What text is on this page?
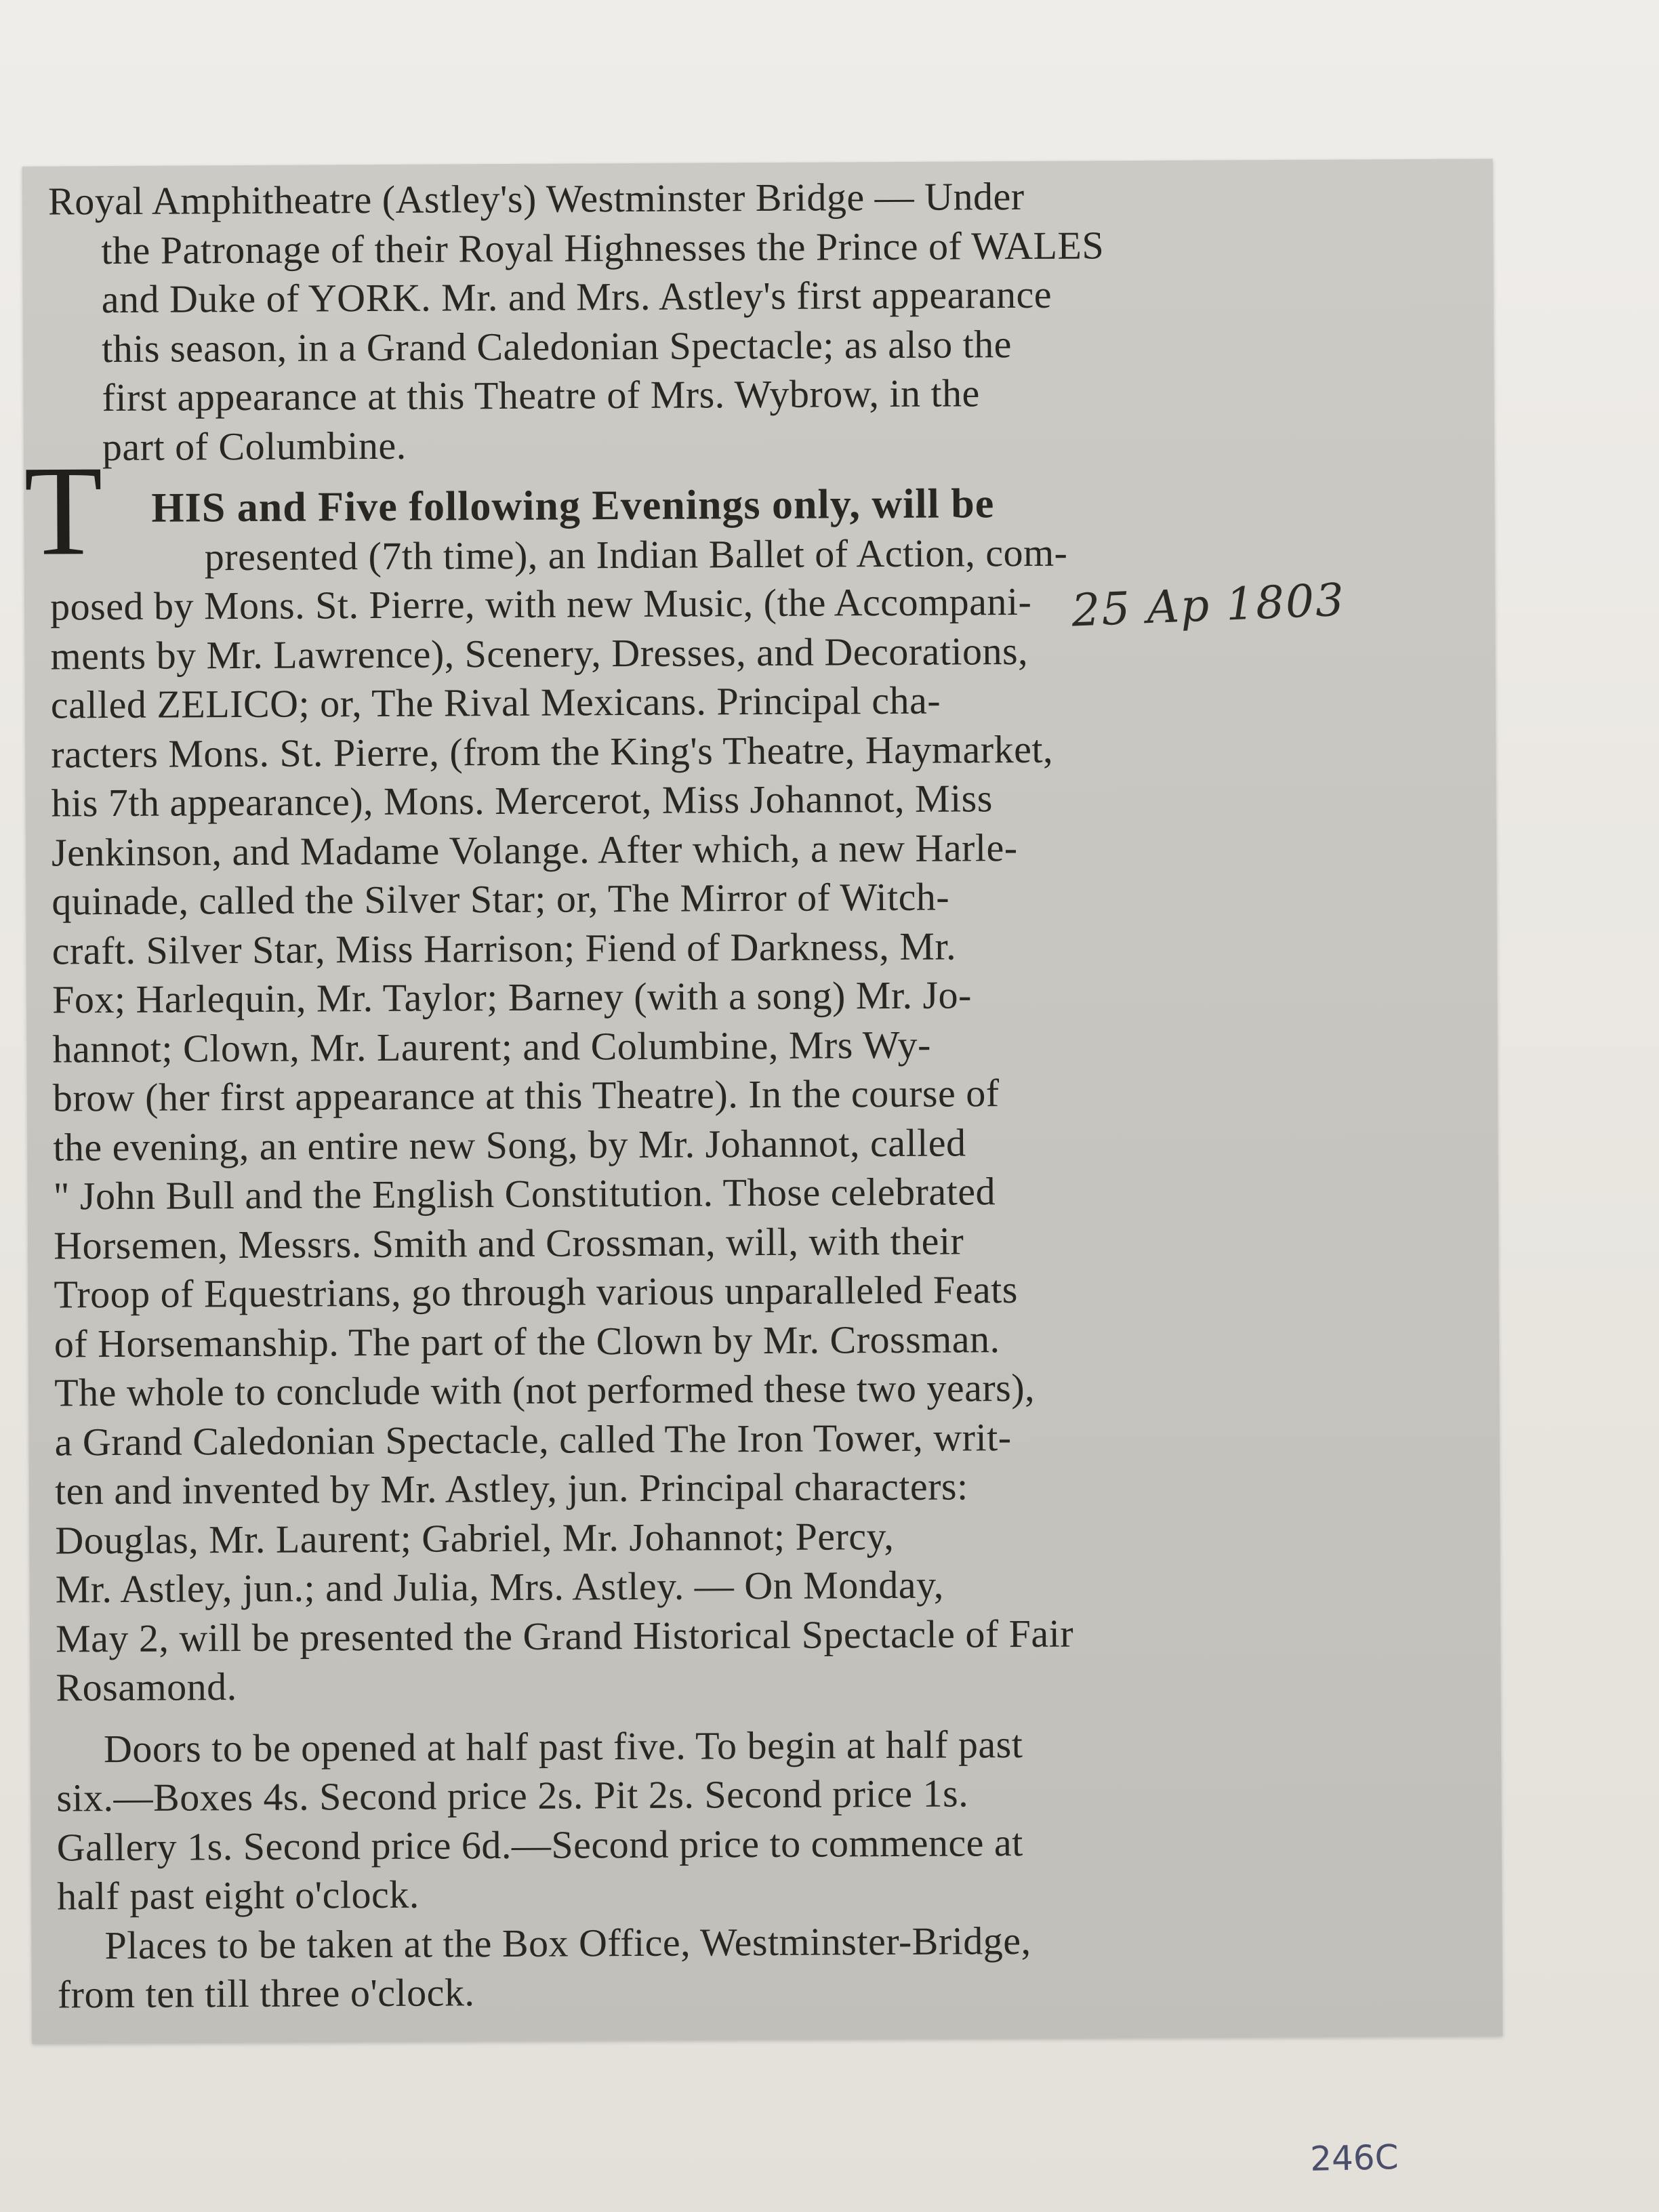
Royal Amphitheatre (Astley's) Westminster Bridge — Under
the Patronage of their Royal Highnesses the Prince of WALES
and Duke of YORK. Mr. and Mrs. Astley's first appearance
this season, in a Grand Caledonian Spectacle; as also the
first appearance at this Theatre of Mrs. Wybrow, in the
part of Columbine.
HIS and Five following Evenings only, will be
presented (7th time), an Indian Ballet of Action, com-
posed by Mons. St. Pierre, with new Music, (the Accompani-
ments by Mr. Lawrence), Scenery, Dresses, and Decorations,
called ZELICO; or, The Rival Mexicans. Principal cha-
racters Mons. St. Pierre, (from the King's Theatre, Haymarket,
his 7th appearance), Mons. Mercerot, Miss Johannot, Miss
Jenkinson, and Madame Volange. After which, a new Harle-
quinade, called the Silver Star; or, The Mirror of Witch-
craft. Silver Star, Miss Harrison; Fiend of Darkness, Mr.
Fox; Harlequin, Mr. Taylor; Barney (with a song) Mr. Jo-
hannot; Clown, Mr. Laurent; and Columbine, Mrs Wy-
brow (her first appearance at this Theatre). In the course of
the evening, an entire new Song, by Mr. Johannot, called
" John Bull and the English Constitution. Those celebrated
Horsemen, Messrs. Smith and Crossman, will, with their
Troop of Equestrians, go through various unparalleled Feats
of Horsemanship. The part of the Clown by Mr. Crossman.
The whole to conclude with (not performed these two years),
a Grand Caledonian Spectacle, called The Iron Tower, writ-
ten and invented by Mr. Astley, jun. Principal characters:
Douglas, Mr. Laurent; Gabriel, Mr. Johannot; Percy,
Mr. Astley, jun.; and Julia, Mrs. Astley. — On Monday,
May 2, will be presented the Grand Historical Spectacle of Fair
Rosamond.
Doors to be opened at half past five. To begin at half past
six.—Boxes 4s. Second price 2s. Pit 2s. Second price 1s.
Gallery 1s. Second price 6d.—Second price to commence at
half past eight o'clock.
Places to be taken at the Box Office, Westminster-Bridge,
from ten till three o'clock.
T
25 Ap 1803
246C
